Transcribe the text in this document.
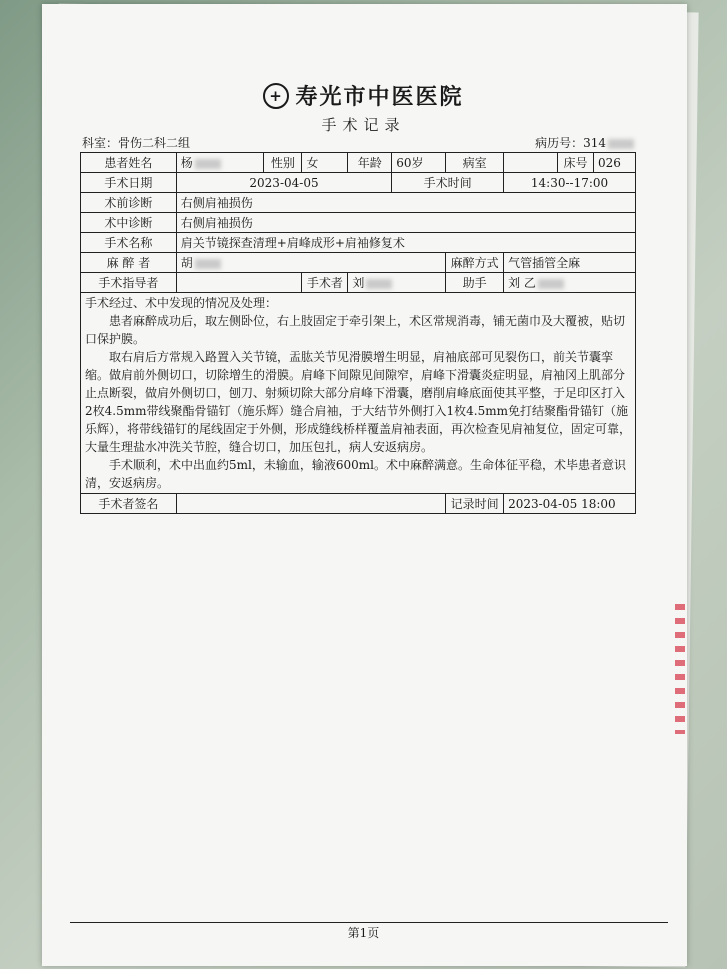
+ 寿光市中医医院
手术记录
科室：骨伤二科二组	病历号：314
患者姓名	杨	性别	女	年龄	60岁	病室		床号	026
手术日期	2023-04-05				手术时间		14:30--17:00		
术前诊断	右侧肩袖损伤								
术中诊断	右侧肩袖损伤								
手术名称	肩关节镜探查清理+肩峰成形+肩袖修复术								
麻 醉 者	胡					麻醉方式	气管插管全麻		
手术指导者			手术者	刘		助手	刘 乙		

手术经过、术中发现的情况及处理：

患者麻醉成功后，取左侧卧位，右上肢固定于牵引架上，术区常规消毒，铺无菌巾及大覆被，贴切口保护膜。

取右肩后方常规入路置入关节镜，盂肱关节见滑膜增生明显，肩袖底部可见裂伤口，前关节囊挛缩。做肩前外侧切口，切除增生的滑膜。肩峰下间隙见间隙窄，肩峰下滑囊炎症明显，肩袖冈上肌部分止点断裂，做肩外侧切口，刨刀、射频切除大部分肩峰下滑囊，磨削肩峰底面使其平整，于足印区打入2枚4.5mm带线聚酯骨锚钉（施乐辉）缝合肩袖，于大结节外侧打入1枚4.5mm免打结聚酯骨锚钉（施乐辉），将带线锚钉的尾线固定于外侧，形成缝线桥样覆盖肩袖表面，再次检查见肩袖复位，固定可靠，大量生理盐水冲洗关节腔，缝合切口，加压包扎，病人安返病房。

手术顺利，术中出血约5ml，未输血，输液600ml。术中麻醉满意。生命体征平稳，术毕患者意识清，安返病房。									

手术者签名						记录时间	2023-04-05 18:00		
第1页
